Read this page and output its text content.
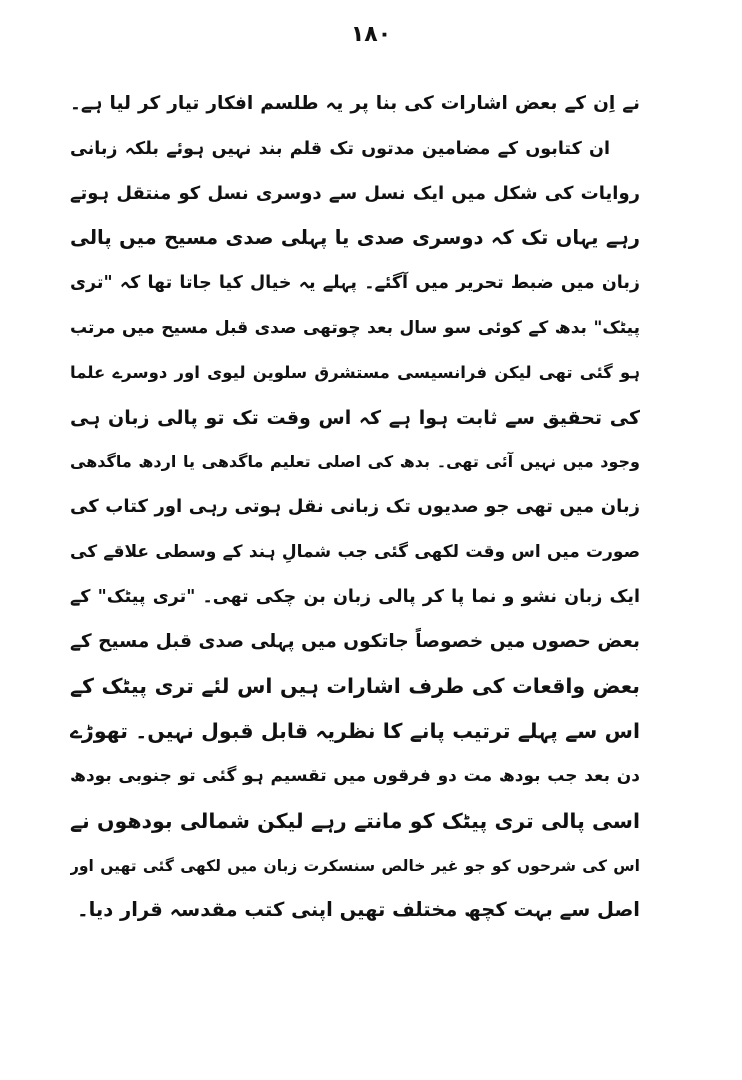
۱۸۰
نے اِن کے بعض اشارات کی بنا پر یہ طلسم افکار تیار کر لیا ہے۔
ان کتابوں کے مضامین مدتوں تک قلم بند نہیں ہوئے بلکہ زبانی
روایات کی شکل میں ایک نسل سے دوسری نسل کو منتقل ہوتے
رہے یہاں تک کہ دوسری صدی یا پہلی صدی مسیح میں پالی
زبان میں ضبط تحریر میں آگئے۔ پہلے یہ خیال کیا جاتا تھا کہ "تری
پیٹک" بدھ کے کوئی سو سال بعد چوتھی صدی قبل مسیح میں مرتب
ہو گئی تھی لیکن فرانسیسی مستشرق سلوین لیوی اور دوسرے علما
کی تحقیق سے ثابت ہوا ہے کہ اس وقت تک تو پالی زبان ہی
وجود میں نہیں آئی تھی۔ بدھ کی اصلی تعلیم ماگدھی یا اردھ ماگدھی
زبان میں تھی جو صدیوں تک زبانی نقل ہوتی رہی اور کتاب کی
صورت میں اس وقت لکھی گئی جب شمالِ ہند کے وسطی علاقے کی
ایک زبان نشو و نما پا کر پالی زبان بن چکی تھی۔ "تری پیٹک" کے
بعض حصوں میں خصوصاً جاتکوں میں پہلی صدی قبل مسیح کے
بعض واقعات کی طرف اشارات ہیں اس لئے تری پیٹک کے
اس سے پہلے ترتیب پانے کا نظریہ قابل قبول نہیں۔ تھوڑے
دن بعد جب بودھ مت دو فرقوں میں تقسیم ہو گئی تو جنوبی بودھ
اسی پالی تری پیٹک کو مانتے رہے لیکن شمالی بودھوں نے
اس کی شرحوں کو جو غیر خالص سنسکرت زبان میں لکھی گئی تھیں اور
اصل سے بہت کچھ مختلف تھیں اپنی کتب مقدسہ قرار دیا۔
